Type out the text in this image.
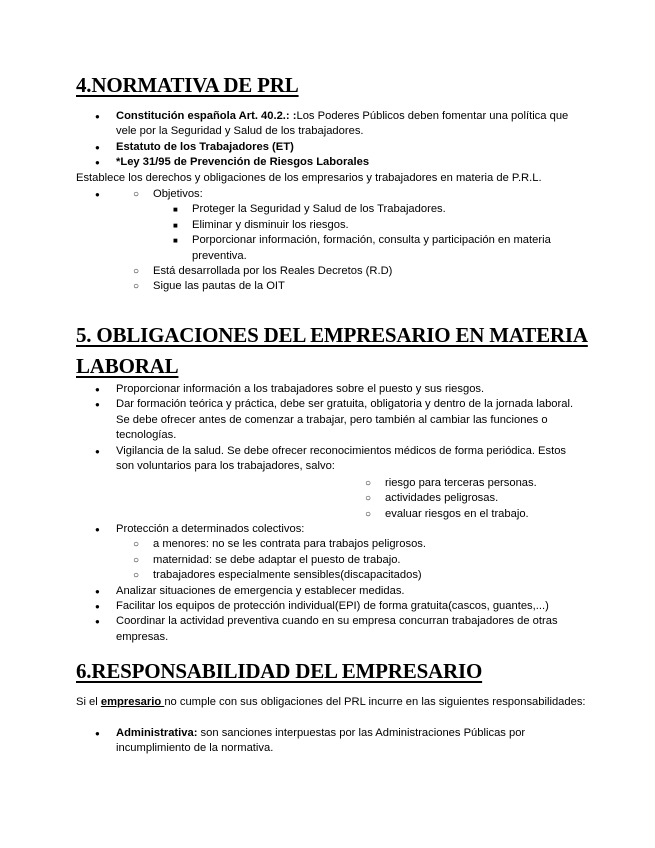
4.NORMATIVA DE PRL
● Constitución española Art. 40.2.: :Los Poderes Públicos deben fomentar una política que vele por la Seguridad y Salud de los trabajadores.
● Estatuto de los Trabajadores (ET)
● *Ley 31/95 de Prevención de Riesgos Laborales

Establece los derechos y obligaciones de los empresarios y trabajadores en materia de P.R.L.

○ ● Objetivos:
■ Proteger la Seguridad y Salud de los Trabajadores.
■ Eliminar y disminuir los riesgos.
■ Porporcionar información, formación, consulta y participación en materia preventiva.
○ Está desarrollada por los Reales Decretos (R.D)
○ Sigue las pautas de la OIT
5. OBLIGACIONES DEL EMPRESARIO EN MATERIA
LABORAL
● Proporcionar información a los trabajadores sobre el puesto y sus riesgos.
● Dar formación teórica y práctica, debe ser gratuita, obligatoria y dentro de la jornada laboral. Se debe ofrecer antes de comenzar a trabajar, pero también al cambiar las funciones o tecnologías.
● Vigilancia de la salud. Se debe ofrecer reconocimientos médicos de forma periódica. Estos son voluntarios para los trabajadores, salvo:
○ riesgo para terceras personas.
○ actividades peligrosas.
○ evaluar riesgos en el trabajo.
● Protección a determinados colectivos:
○ a menores: no se les contrata para trabajos peligrosos.
○ maternidad: se debe adaptar el puesto de trabajo.
○ trabajadores especialmente sensibles(discapacitados)
● Analizar situaciones de emergencia y establecer medidas.
● Facilitar los equipos de protección individual(EPI) de forma gratuita(cascos, guantes,...)
● Coordinar la actividad preventiva cuando en su empresa concurran trabajadores de otras empresas.
6.RESPONSABILIDAD DEL EMPRESARIO

Si el empresario no cumple con sus obligaciones del PRL incurre en las siguientes responsabilidades:

● Administrativa: son sanciones interpuestas por las Administraciones Públicas por incumplimiento de la normativa.
